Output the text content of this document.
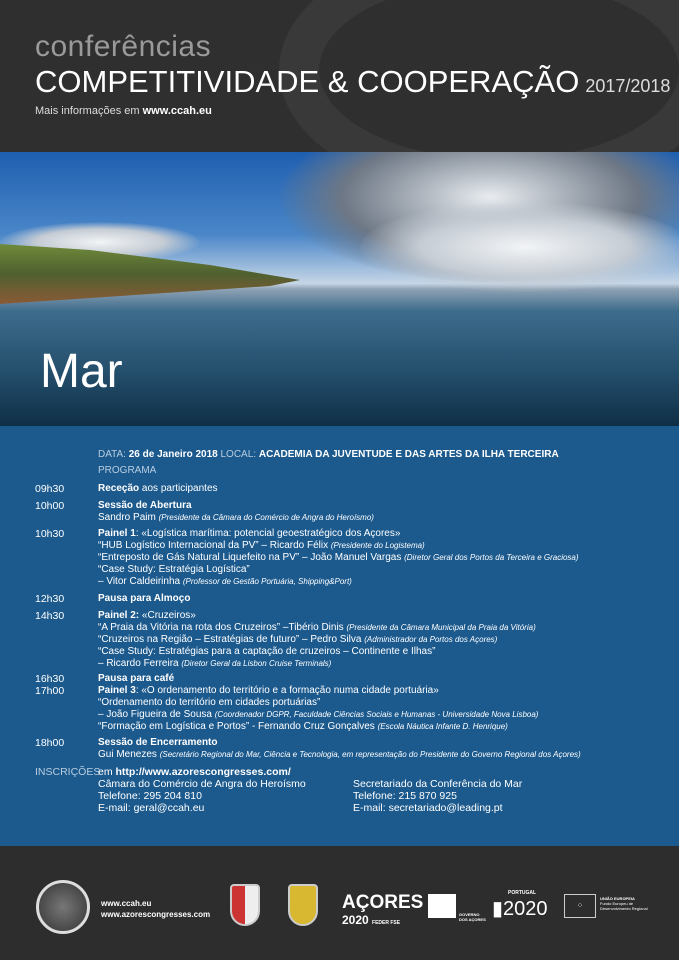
conferências
COMPETITIVIDADE & COOPERAÇÃO 2017/2018
Mais informações em www.ccah.eu
Mar
DATA: 26 de Janeiro 2018 LOCAL: ACADEMIA DA JUVENTUDE E DAS ARTES DA ILHA TERCEIRA
PROGRAMA
09h30	Receção aos participantes
10h00	Sessão de Abertura
Sandro Paim (Presidente da Câmara do Comércio de Angra do Heroísmo)
10h30	Painel 1: «Logística marítima: potencial geoestratégico dos Açores»
“HUB Logístico Internacional da PV” – Ricardo Félix (Presidente do Logistema)
“Entreposto de Gás Natural Liquefeito na PV” – João Manuel Vargas (Diretor Geral dos Portos da Terceira e Graciosa)
“Case Study: Estratégia Logística”
– Vitor Caldeirinha (Professor de Gestão Portuária, Shipping&Port)
12h30	Pausa para Almoço
14h30	Painel 2: «Cruzeiros»
“A Praia da Vitória na rota dos Cruzeiros” –Tibério Dinis (Presidente da Câmara Municipal da Praia da Vitória)
“Cruzeiros na Região – Estratégias de futuro” – Pedro Silva (Administrador da Portos dos Açores)
“Case Study: Estratégias para a captação de cruzeiros – Continente e Ilhas”
– Ricardo Ferreira (Diretor Geral da Lisbon Cruise Terminals)
16h30	Pausa para café
17h00	Painel 3: «O ordenamento do território e a formação numa cidade portuária»
“Ordenamento do território em cidades portuárias”
– João Figueira de Sousa (Coordenador DGPR, Faculdade Ciências Sociais e Humanas - Universidade Nova Lisboa)
“Formação em Logística e Portos” - Fernando Cruz Gonçalves (Escola Náutica Infante D. Henrique)
18h00	Sessão de Encerramento
Gui Menezes (Secretário Regional do Mar, Ciência e Tecnologia, em representação do Presidente do Governo Regional dos Açores)
INSCRIÇÕES
em http://www.azorescongresses.com/
Câmara do Comércio de Angra do Heroísmo
Telefone: 295 204 810
E-mail: geral@ccah.eu
Secretariado da Conferência do Mar
Telefone: 215 870 925
E-mail: secretariado@leading.pt
www.ccah.eu
www.azorescongresses.com
AÇORES
2020 FEDER FSE
GOVERNO DOS AÇORES
PORTUGAL
▮2020	⁘
UNIÃO EUROPEIA
Fundo Europeu de Desenvolvimento Regional
